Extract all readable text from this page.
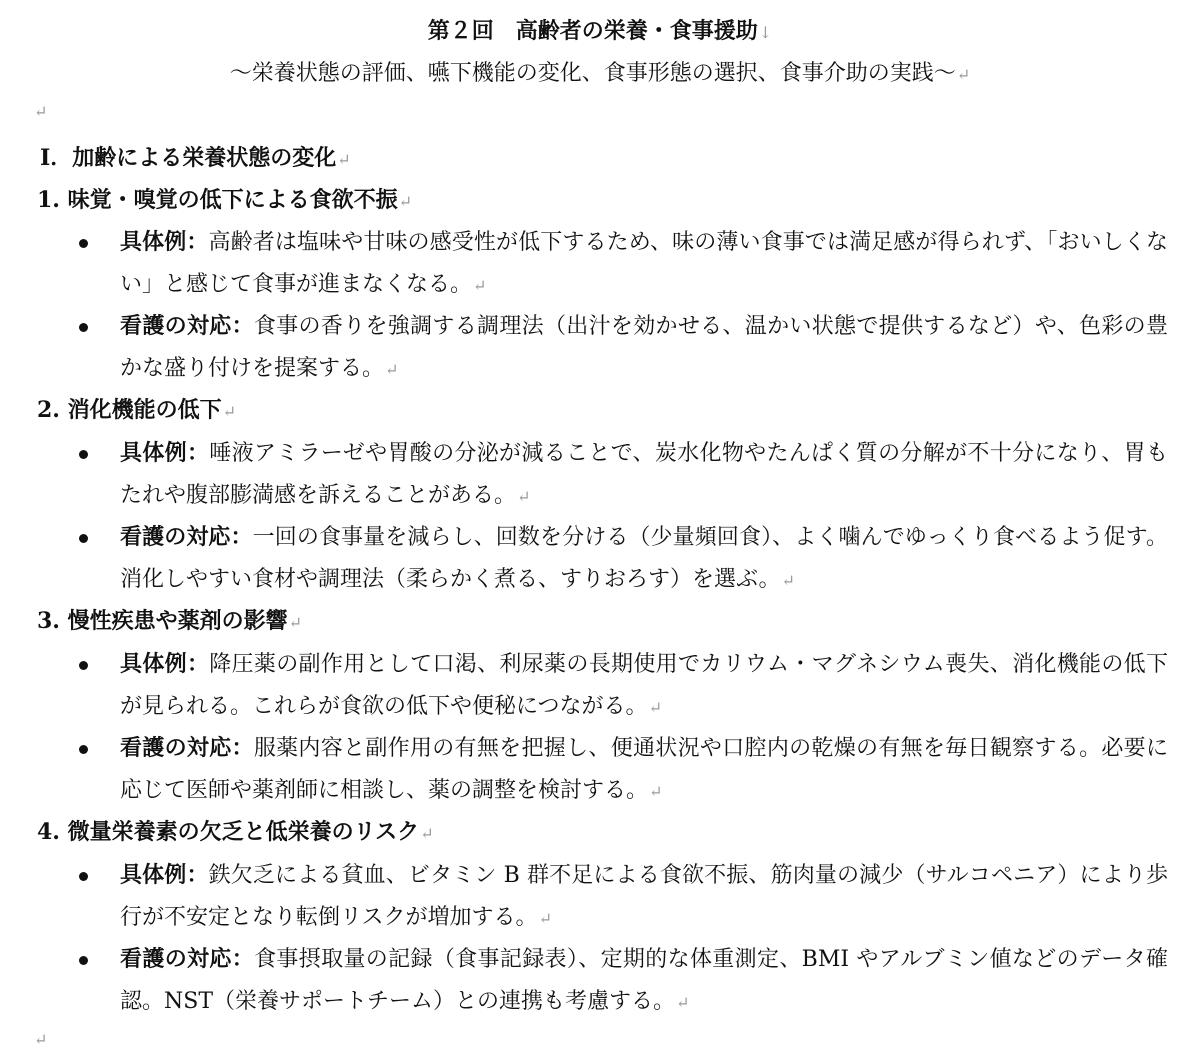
第２回　高齢者の栄養・食事援助↓
〜栄養状態の評価、嚥下機能の変化、食事形態の選択、食事介助の実践〜↵
↵
Ⅰ．加齢による栄養状態の変化↵
1. 味覚・嗅覚の低下による食欲不振↵
具体例：高齢者は塩味や甘味の感受性が低下するため、味の薄い食事では満足感が得られず、「おいしくない」と感じて食事が進まなくなる。↵
看護の対応：食事の香りを強調する調理法（出汁を効かせる、温かい状態で提供するなど）や、色彩の豊かな盛り付けを提案する。↵
2. 消化機能の低下↵
具体例：唾液アミラーゼや胃酸の分泌が減ることで、炭水化物やたんぱく質の分解が不十分になり、胃もたれや腹部膨満感を訴えることがある。↵
看護の対応：一回の食事量を減らし、回数を分ける（少量頻回食）、よく噛んでゆっくり食べるよう促す。消化しやすい食材や調理法（柔らかく煮る、すりおろす）を選ぶ。↵
3. 慢性疾患や薬剤の影響↵
具体例：降圧薬の副作用として口渇、利尿薬の長期使用でカリウム・マグネシウム喪失、消化機能の低下が見られる。これらが食欲の低下や便秘につながる。↵
看護の対応：服薬内容と副作用の有無を把握し、便通状況や口腔内の乾燥の有無を毎日観察する。必要に応じて医師や薬剤師に相談し、薬の調整を検討する。↵
4. 微量栄養素の欠乏と低栄養のリスク↵
具体例：鉄欠乏による貧血、ビタミン B 群不足による食欲不振、筋肉量の減少（サルコペニア）により歩行が不安定となり転倒リスクが増加する。↵
看護の対応：食事摂取量の記録（食事記録表）、定期的な体重測定、BMI やアルブミン値などのデータ確認。NST（栄養サポートチーム）との連携も考慮する。↵
↵
